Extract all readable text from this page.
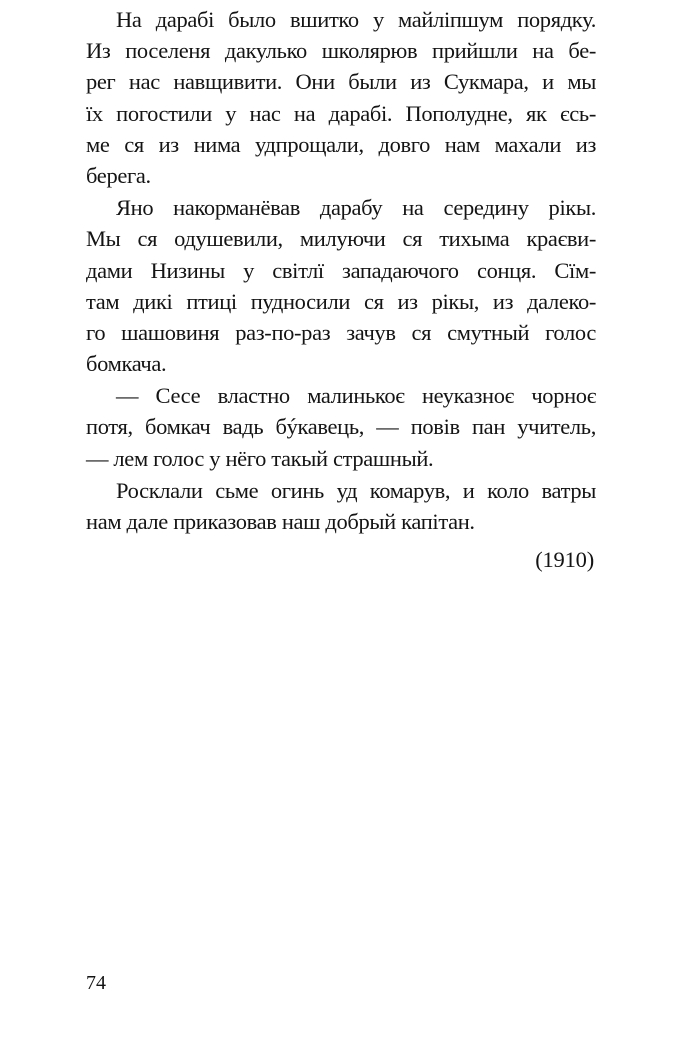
На дарабі было вшитко у майліпшум порядку.
Из поселеня дакулько школярюв прийшли на бе-
рег нас навщивити. Они были из Сукмара, и мы
їх погостили у нас на дарабі. Пополудне, як єсь-
ме ся из нима удпрощали, довго нам махали из
берега.
Яно накорманёвав дарабу на середину рікы.
Мы ся одушевили, милуючи ся тихыма краєви-
дами Низины у світлї западаючого сонця. Сїм-
там дикі птиці пудносили ся из рікы, из далеко-
го шашовиня раз-по-раз зачув ся смутный голос
бомкача.
— Сесе властно малинькоє неуказноє чорноє
потя, бомкач вадь бýкавець, — повів пан учитель,
— лем голос у нёго такый страшный.
Росклали сьме огинь уд комарув, и коло ватры
нам дале приказовав наш добрый капітан.
(1910)
74
